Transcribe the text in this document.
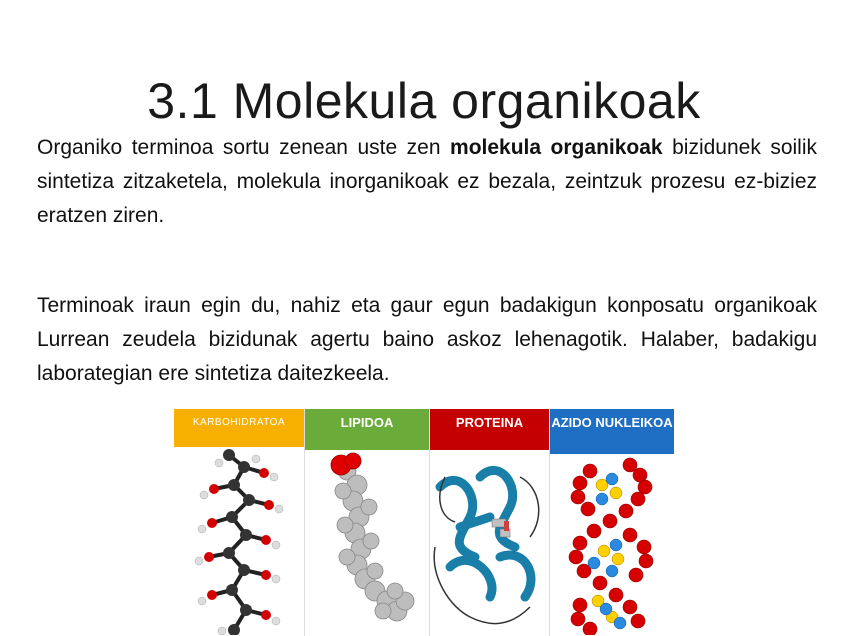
3.1 Molekula organikoak

Organiko terminoa sortu zenean uste zen molekula organikoak bizidunek soilik sintetiza zitzaketela, molekula inorganikoak ez bezala, zeintzuk prozesu ez-biziez eratzen ziren.

Terminoak iraun egin du, nahiz eta gaur egun badakigun konposatu organikoak Lurrean zeudela bizidunak agertu baino askoz lehenagotik. Halaber, badakigu laborategian ere sintetiza daitezkeela.

KARBOHIDRATOA	LIPIDOA	PROTEINA	AZIDO NUKLEIKOA
